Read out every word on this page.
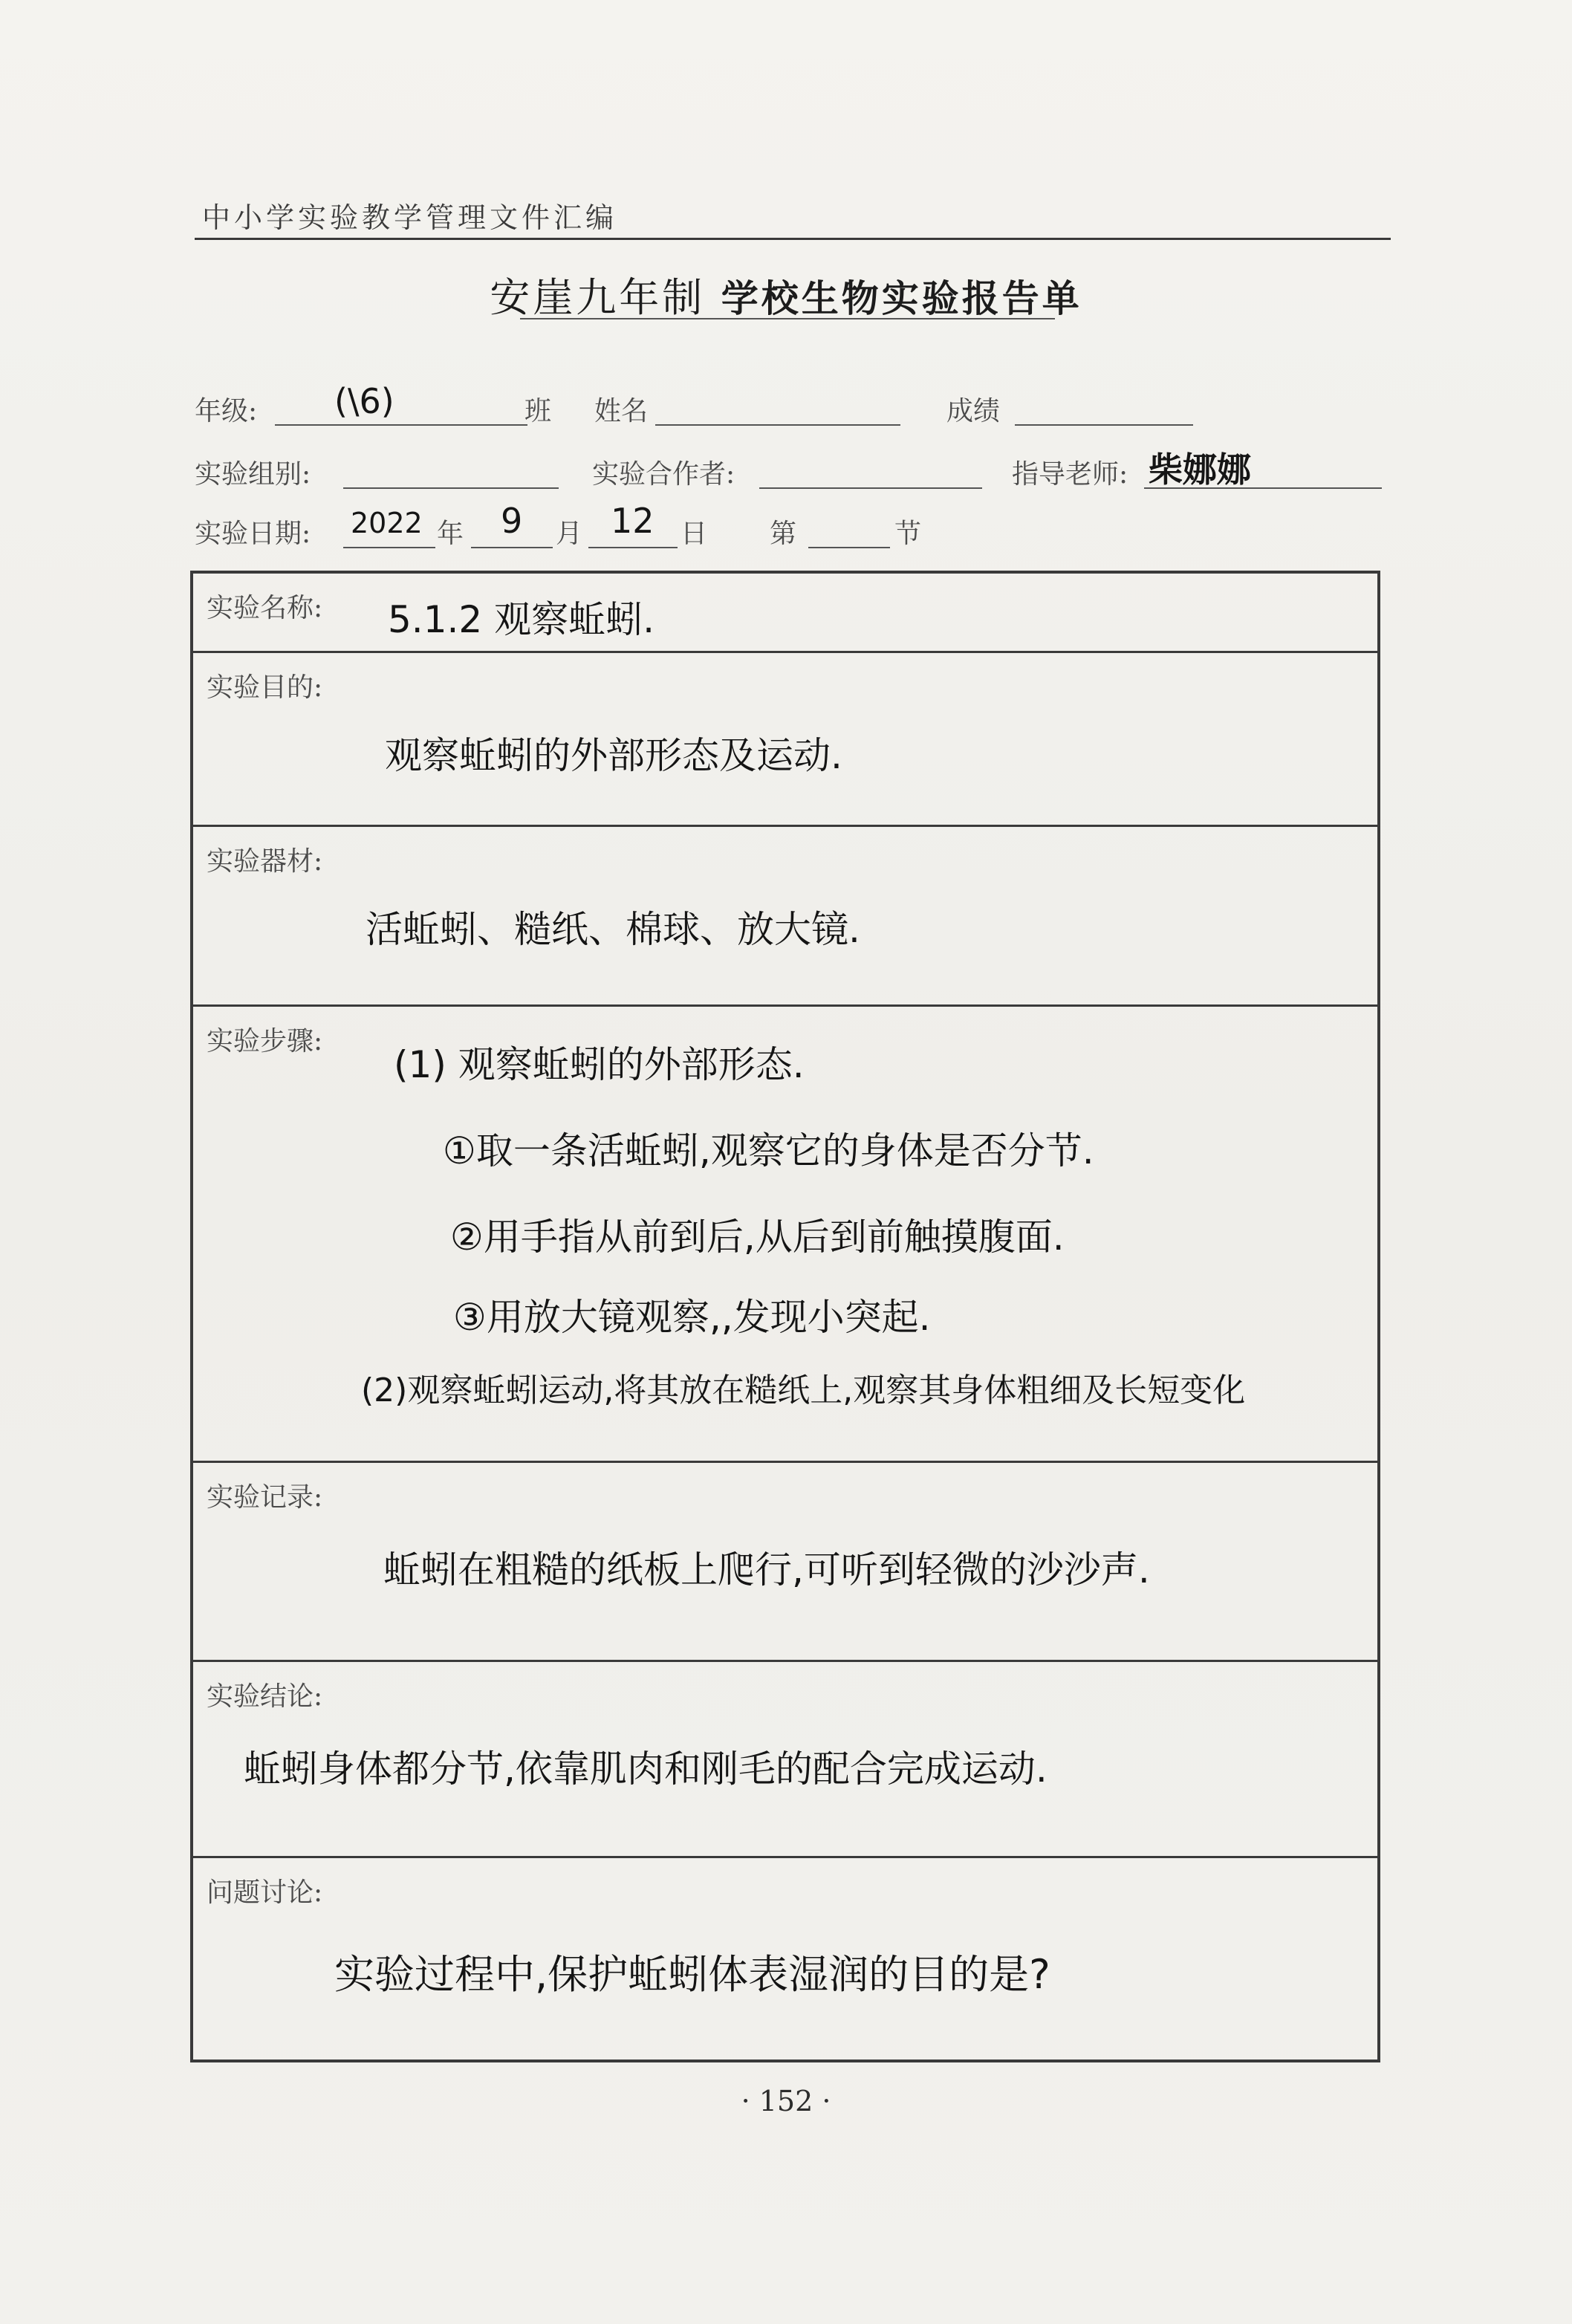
中小学实验教学管理文件汇编
安崖九年制 学校生物实验报告单
年级: (\6)	班 姓名	成绩
实验组别:	实验合作者:	指导老师: 柴娜娜
实验日期: 2022 年 9 月 12 日 第	节
实验名称: 5.1.2 观察蚯蚓.
实验目的:
观察蚯蚓的外部形态及运动.
实验器材:
活蚯蚓、糙纸、棉球、放大镜.
实验步骤:
(1) 观察蚯蚓的外部形态.
①取一条活蚯蚓,观察它的身体是否分节.
②用手指从前到后,从后到前触摸腹面.
③用放大镜观察,,发现小突起.
(2)观察蚯蚓运动,将其放在糙纸上,观察其身体粗细及长短变化
实验记录:
蚯蚓在粗糙的纸板上爬行,可听到轻微的沙沙声.
实验结论:
蚯蚓身体都分节,依靠肌肉和刚毛的配合完成运动.
问题讨论:
实验过程中,保护蚯蚓体表湿润的目的是?
· 152 ·
